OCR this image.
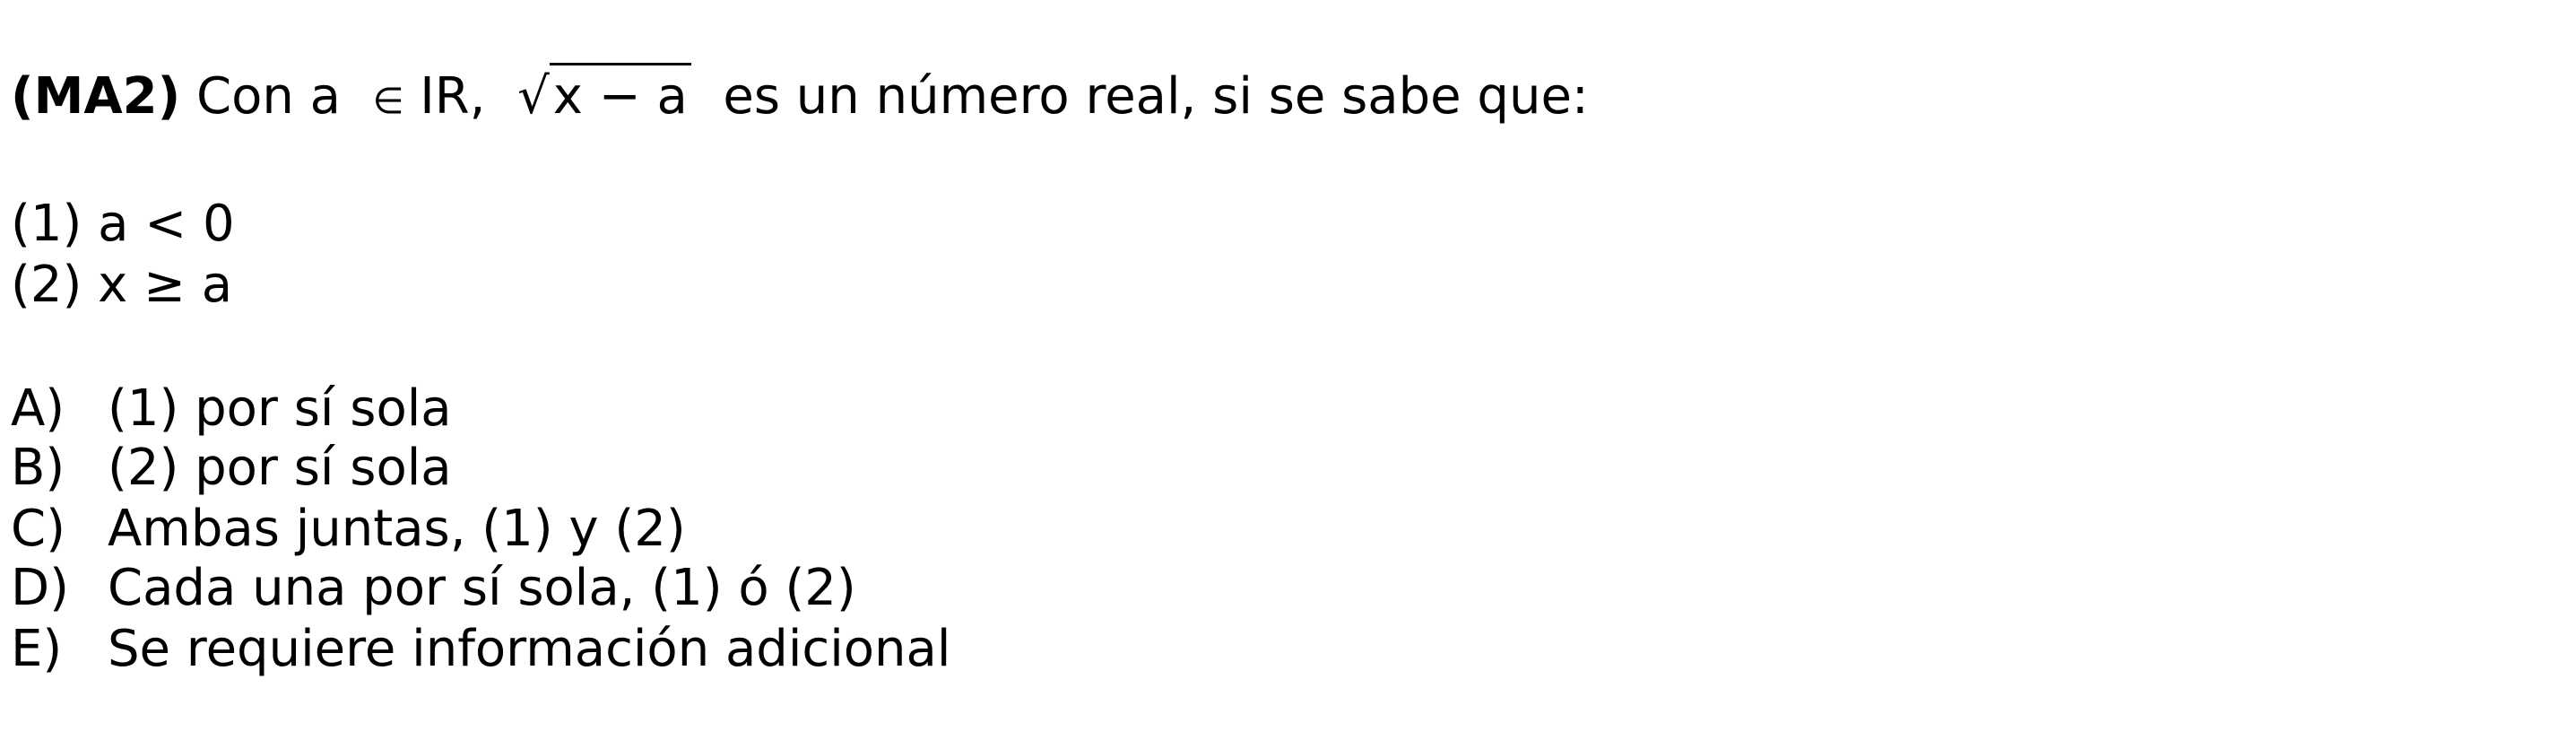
(MA2) Con a  ∈ IR,  √x − a  es un número real, si se sabe que:
(1) a < 0
(2) x ≥ a
A) (1) por sí sola
B) (2) por sí sola
C) Ambas juntas, (1) y (2)
D) Cada una por sí sola, (1) ó (2)
E) Se requiere información adicional
